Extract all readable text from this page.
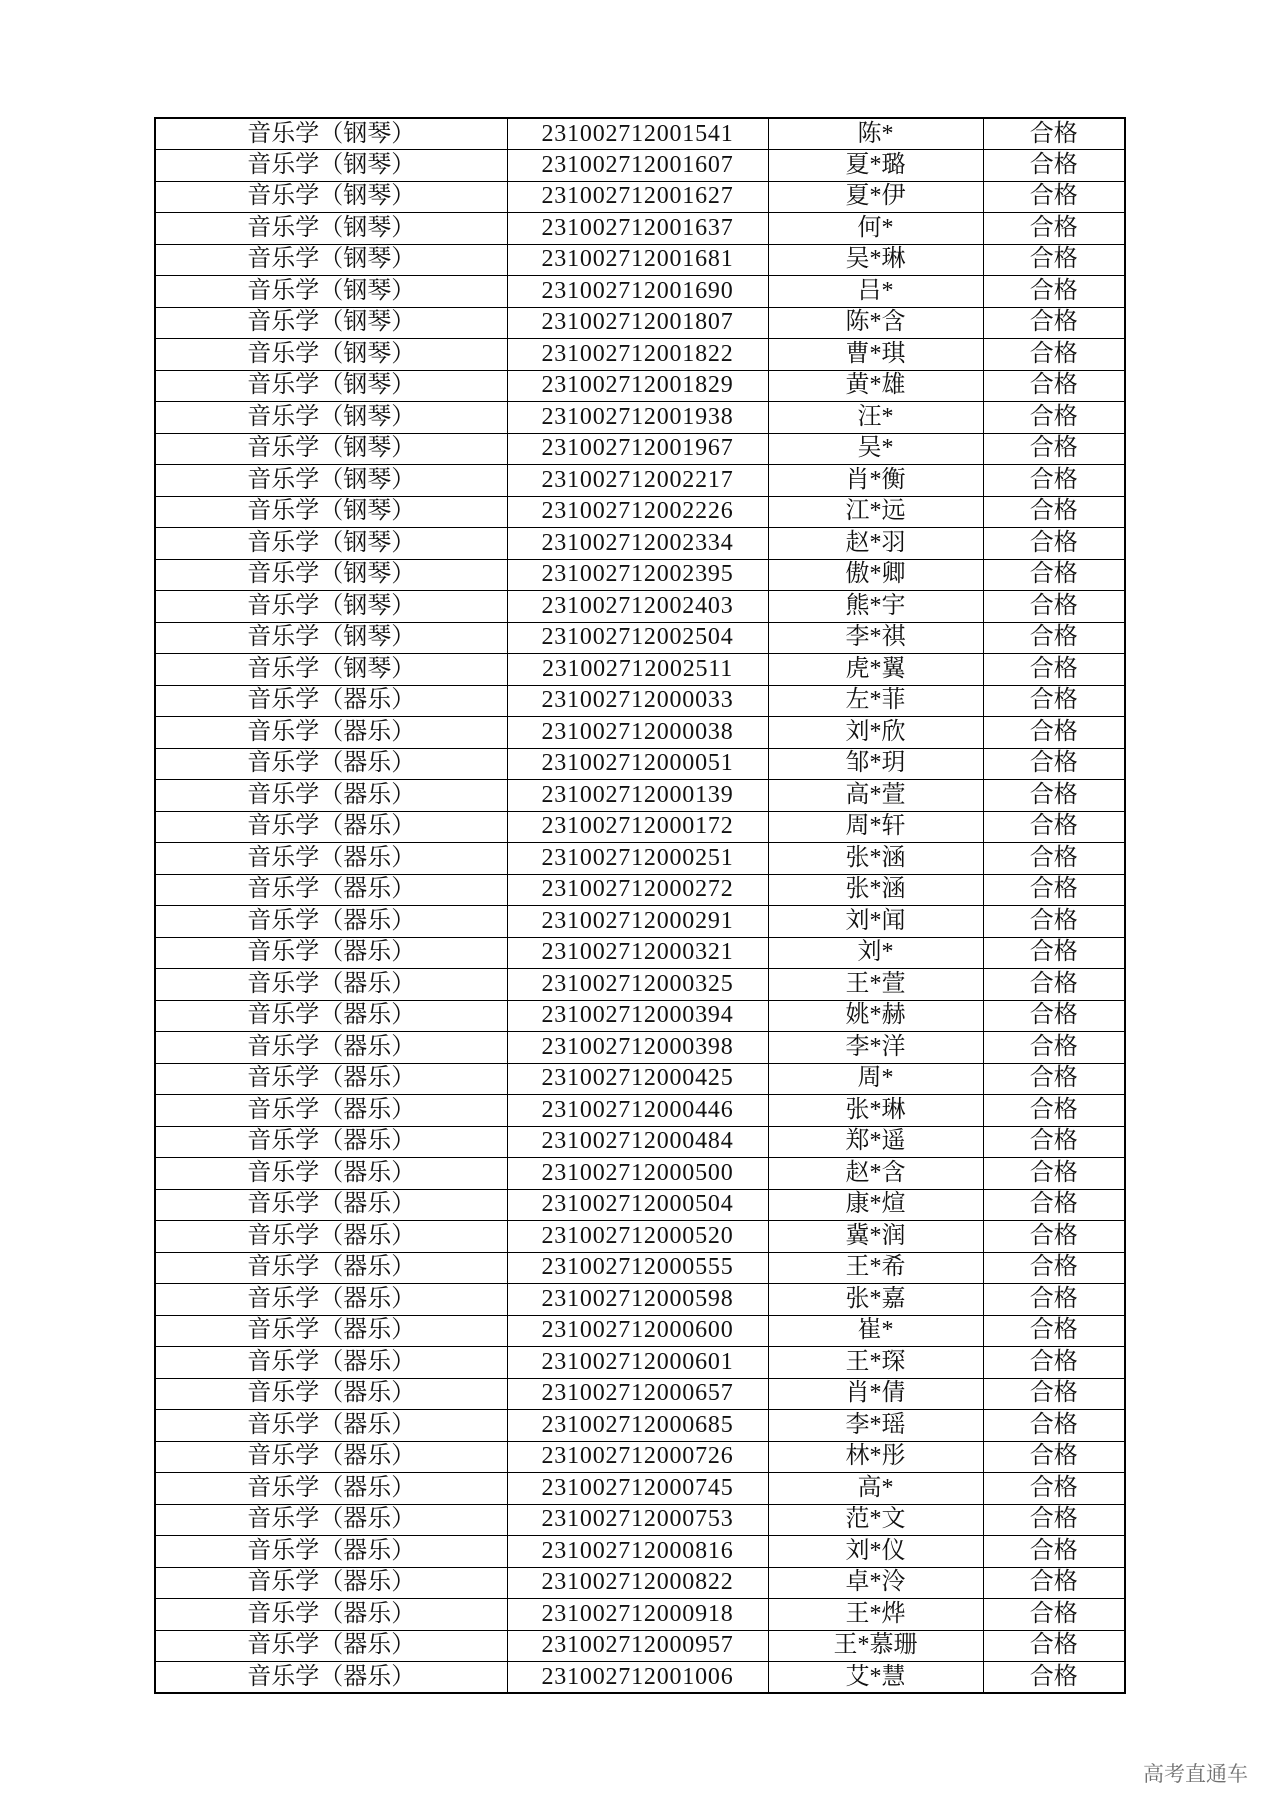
音乐学（钢琴）	231002712001541	陈*	合格
音乐学（钢琴）	231002712001607	夏*璐	合格
音乐学（钢琴）	231002712001627	夏*伊	合格
音乐学（钢琴）	231002712001637	何*	合格
音乐学（钢琴）	231002712001681	吴*琳	合格
音乐学（钢琴）	231002712001690	吕*	合格
音乐学（钢琴）	231002712001807	陈*含	合格
音乐学（钢琴）	231002712001822	曹*琪	合格
音乐学（钢琴）	231002712001829	黄*雄	合格
音乐学（钢琴）	231002712001938	汪*	合格
音乐学（钢琴）	231002712001967	吴*	合格
音乐学（钢琴）	231002712002217	肖*衡	合格
音乐学（钢琴）	231002712002226	江*远	合格
音乐学（钢琴）	231002712002334	赵*羽	合格
音乐学（钢琴）	231002712002395	傲*卿	合格
音乐学（钢琴）	231002712002403	熊*宇	合格
音乐学（钢琴）	231002712002504	李*祺	合格
音乐学（钢琴）	231002712002511	虎*翼	合格
音乐学（器乐）	231002712000033	左*菲	合格
音乐学（器乐）	231002712000038	刘*欣	合格
音乐学（器乐）	231002712000051	邹*玥	合格
音乐学（器乐）	231002712000139	高*萱	合格
音乐学（器乐）	231002712000172	周*轩	合格
音乐学（器乐）	231002712000251	张*涵	合格
音乐学（器乐）	231002712000272	张*涵	合格
音乐学（器乐）	231002712000291	刘*闻	合格
音乐学（器乐）	231002712000321	刘*	合格
音乐学（器乐）	231002712000325	王*萱	合格
音乐学（器乐）	231002712000394	姚*赫	合格
音乐学（器乐）	231002712000398	李*洋	合格
音乐学（器乐）	231002712000425	周*	合格
音乐学（器乐）	231002712000446	张*琳	合格
音乐学（器乐）	231002712000484	郑*遥	合格
音乐学（器乐）	231002712000500	赵*含	合格
音乐学（器乐）	231002712000504	康*煊	合格
音乐学（器乐）	231002712000520	冀*润	合格
音乐学（器乐）	231002712000555	王*希	合格
音乐学（器乐）	231002712000598	张*嘉	合格
音乐学（器乐）	231002712000600	崔*	合格
音乐学（器乐）	231002712000601	王*琛	合格
音乐学（器乐）	231002712000657	肖*倩	合格
音乐学（器乐）	231002712000685	李*瑶	合格
音乐学（器乐）	231002712000726	林*彤	合格
音乐学（器乐）	231002712000745	高*	合格
音乐学（器乐）	231002712000753	范*文	合格
音乐学（器乐）	231002712000816	刘*仪	合格
音乐学（器乐）	231002712000822	卓*泠	合格
音乐学（器乐）	231002712000918	王*烨	合格
音乐学（器乐）	231002712000957	王*慕珊	合格
音乐学（器乐）	231002712001006	艾*慧	合格
高考直通车
